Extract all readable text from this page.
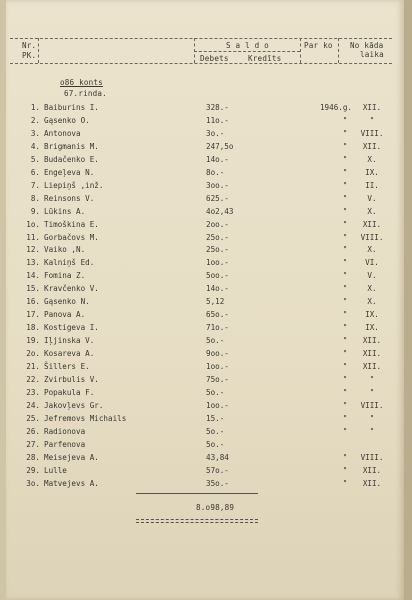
Nr.
PK.
S a l d o
Debets	Kredīts
Par ko No kāda
laika
o86 konts
67.rinda.
1. Baiburins I.	328.-	1946.g.	XII.
2. Gąsenko O.	11o.-	"	"
3. Antonova	3o.-	"	VIII.
4. Brigmanis M.	247,5o	"	XII.
5. Budačenko E.	14o.-	"	X.
6. Engeļeva N.	8o.-	"	IX.
7. Liepiņš ,inž.	3oo.-	"	II.
8. Reinsons V.	625.-	"	V.
9. Lūkins A.	4o2,43	"	X.
1o. Timoškina E.	2oo.-	"	XII.
11. Gorbačovs M.	25o.-	"	VIII.
12. Vaiko ,N.	25o.-	"	X.
13. Kalniņš Ed.	1oo.-	"	VI.
14. Fomina Z.	5oo.-	"	V.
15. Kravčenko V.	14o.-	"	X.
16. Gąsenko N.	5,12	"	X.
17. Panova A.	65o.-	"	IX.
18. Kostigeva I.	71o.-	"	IX.
19. Iļjinska V.	5o.-	"	XII.
2o. Kosareva A.	9oo.-	"	XII.
21. Šillers E.	1oo.-	"	XII.
22. Zvirbulis V.	75o.-	"	"
23. Popakula F.	5o.-	"	"
24. Jakovļevs Gr.	1oo.-	"	VIII.
25. Jefremovs Michails	15.-	"	"
26. Radionova	5o.-	"	"
27. Parfenova	5o.-
28. Meisejeva A.	43,84	"	VIII.
29. Lulle	57o.-	"	XII.
3o. Matvejevs A.	35o.-	"	XII.
8.o98,89
